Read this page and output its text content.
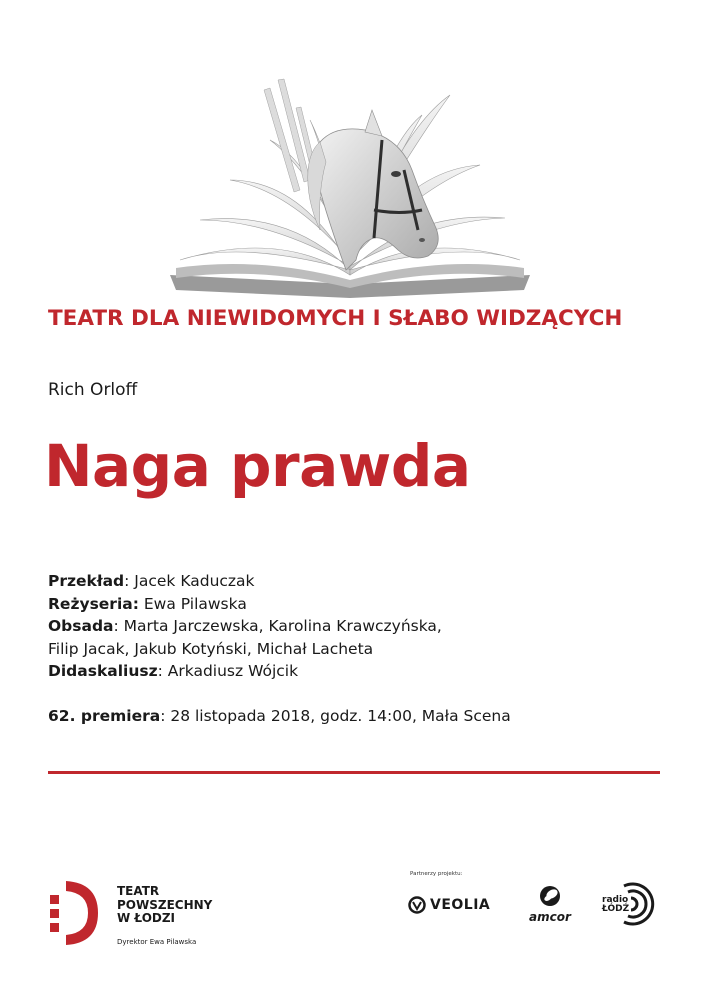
TEATR DLA NIEWIDOMYCH I SŁABO WIDZĄCYCH
Rich Orloff
Naga prawda
Przekład: Jacek Kaduczak
Reżyseria: Ewa Pilawska
Obsada: Marta Jarczewska, Karolina Krawczyńska,
Filip Jacak, Jakub Kotyński, Michał Lacheta
Didaskaliusz: Arkadiusz Wójcik
62. premiera: 28 listopada 2018, godz. 14:00, Mała Scena
TEATR
POWSZECHNY
W ŁODZI
Dyrektor Ewa Pilawska
Partnerzy projektu:
VEOLIA
amcor
radio
ŁÓDŹ
